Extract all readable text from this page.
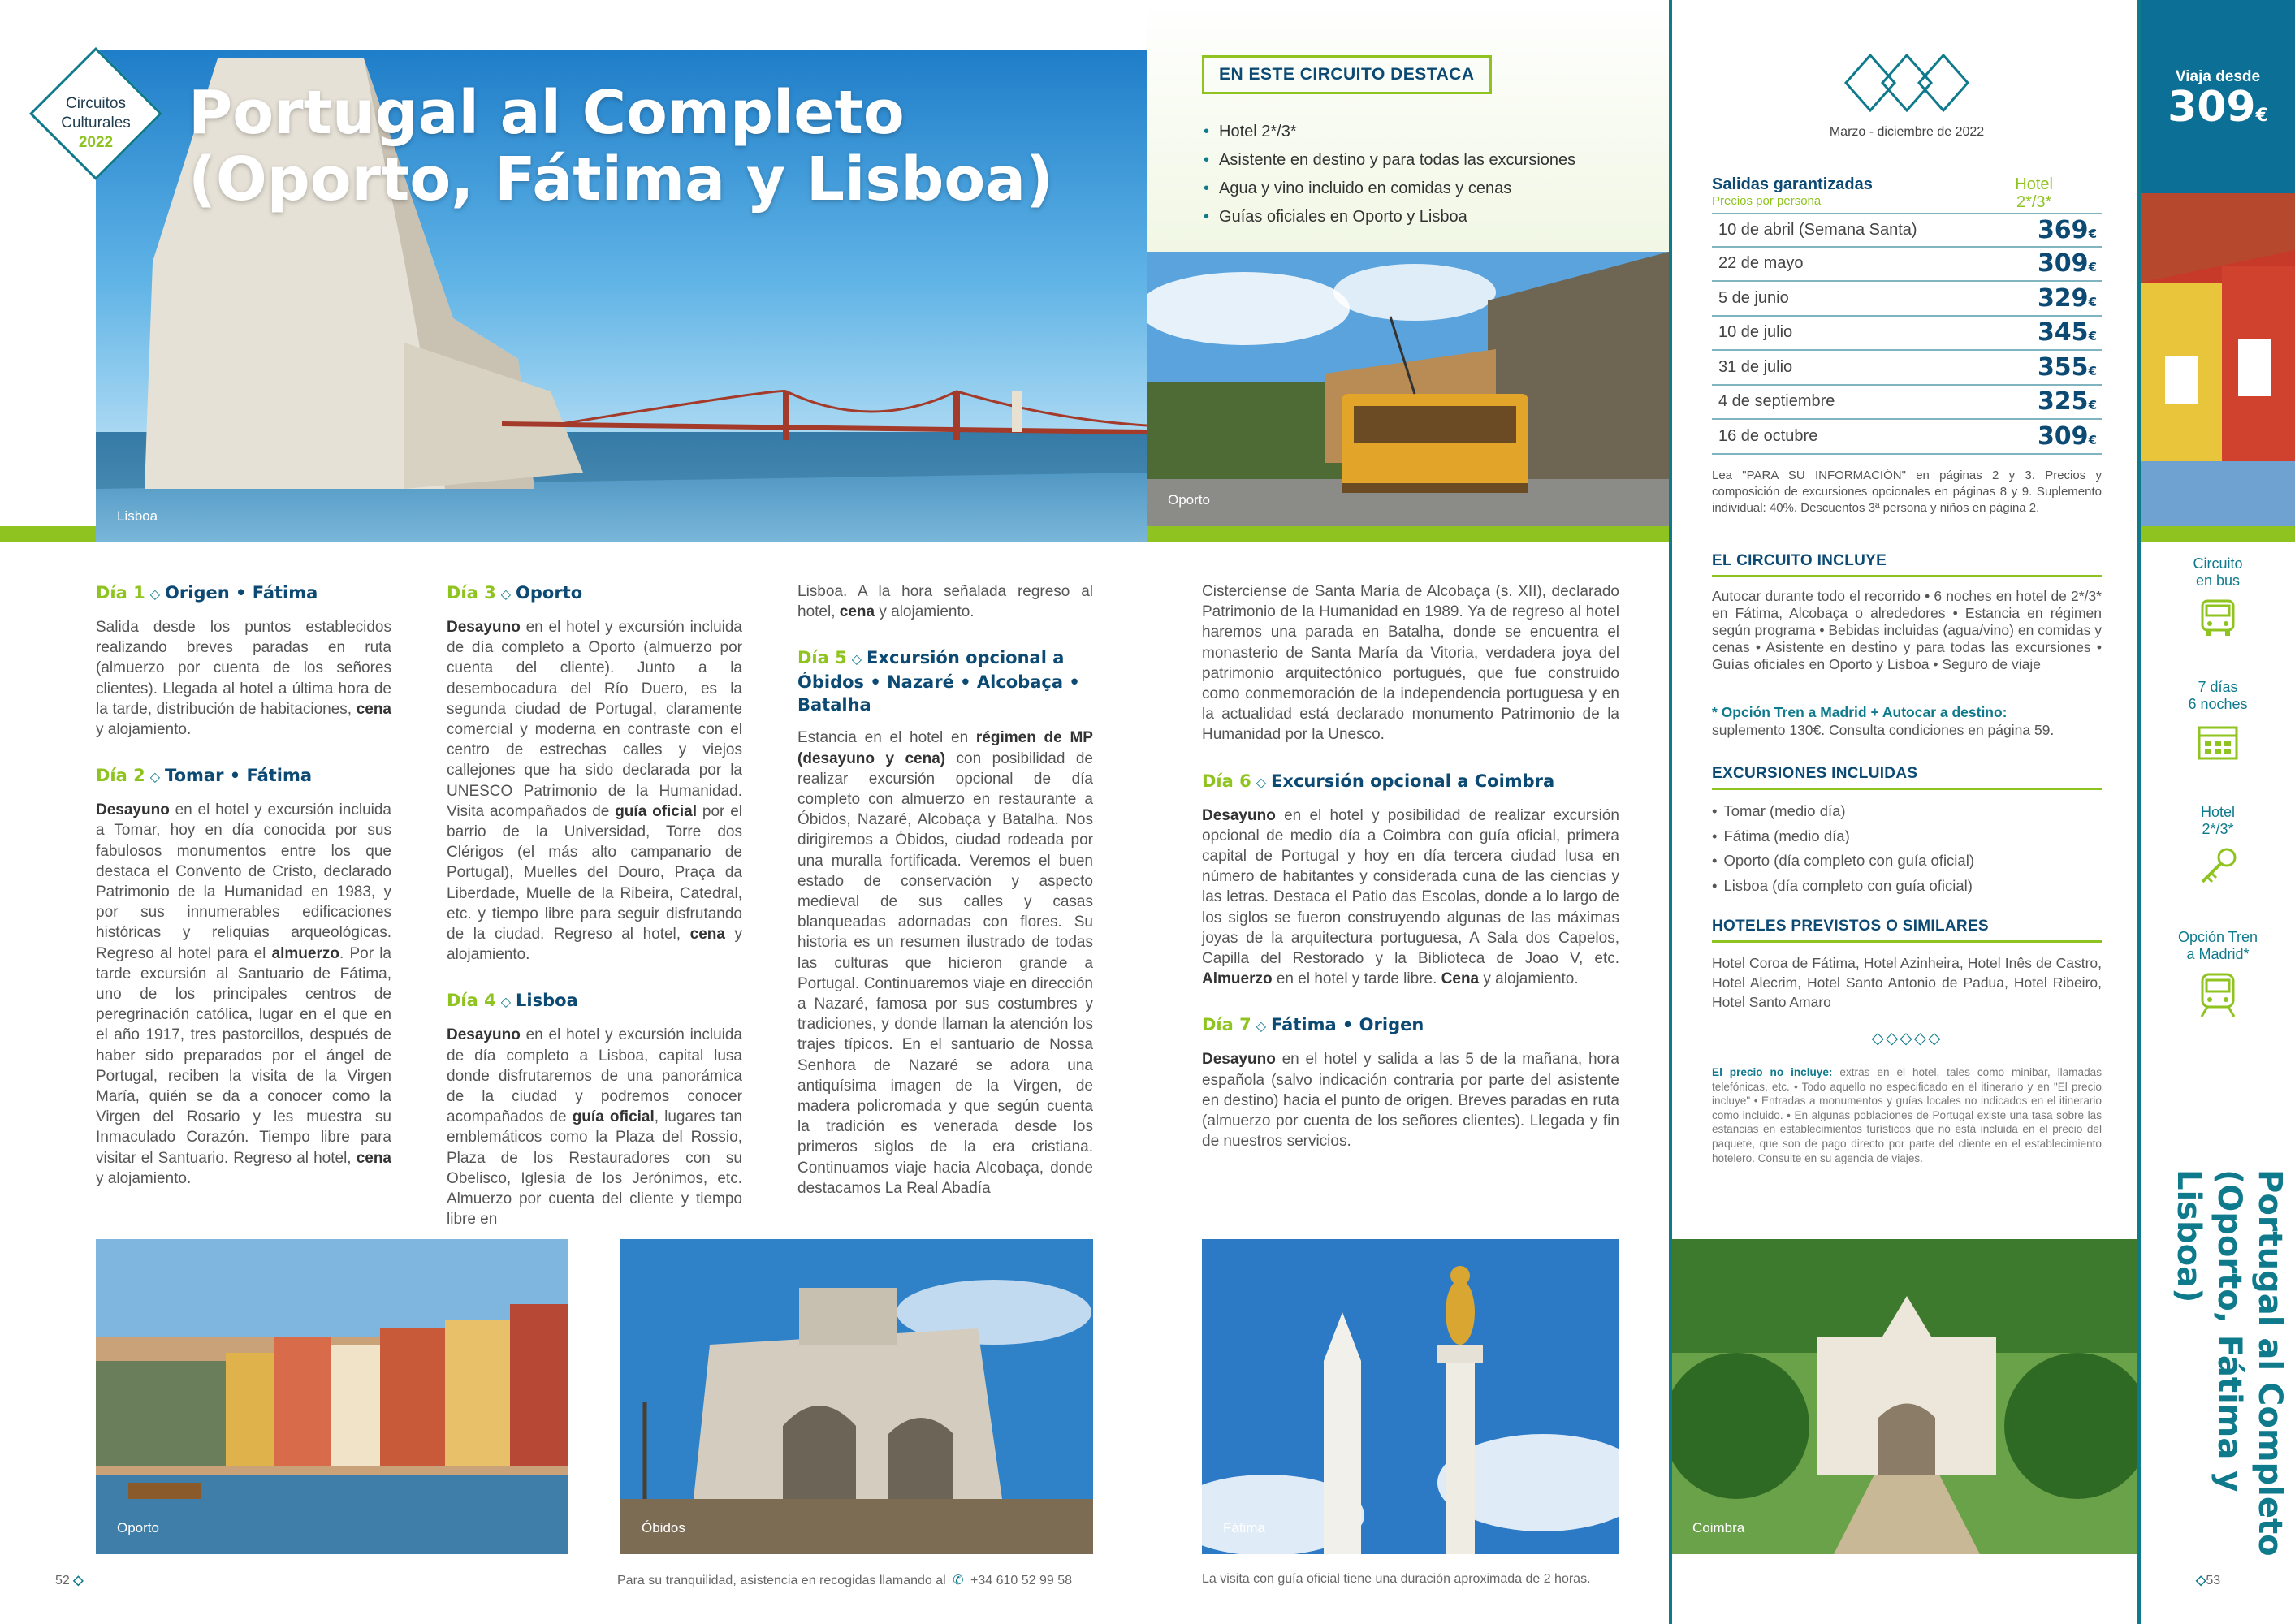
Lisboa
Circuitos
Culturales
2022	Portugal al Completo
(Oporto, Fátima y Lisboa)
EN ESTE CIRCUITO DESTACA
• Hotel 2*/3*
• Asistente en destino y para todas las excursiones
• Agua y vino incluido en comidas y cenas
• Guías oficiales en Oporto y Lisboa
Oporto
Día 1 ◇ Origen • Fátima

Salida desde los puntos establecidos realizando breves paradas en ruta (almuerzo por cuenta de los señores clientes). Llegada al hotel a última hora de la tarde, distribución de habitaciones, cena y alojamiento.

Día 2 ◇ Tomar • Fátima

Desayuno en el hotel y excursión incluida a Tomar, hoy en día conocida por sus fabulosos monumentos entre los que destaca el Convento de Cristo, declarado Patrimonio de la Humanidad en 1983, y por sus innumerables edificaciones históricas y reliquias arqueológicas. Regreso al hotel para el almuerzo. Por la tarde excursión al Santuario de Fátima, uno de los principales centros de peregrinación católica, lugar en el que en el año 1917, tres pastorcillos, después de haber sido preparados por el ángel de Portugal, reciben la visita de la Virgen María, quién se da a conocer como la Virgen del Rosario y les muestra su Inmaculado Corazón. Tiempo libre para visitar el Santuario. Regreso al hotel, cena y alojamiento.

Día 3 ◇ Oporto

Desayuno en el hotel y excursión incluida de día completo a Oporto (almuerzo por cuenta del cliente). Junto a la desembocadura del Río Duero, es la segunda ciudad de Portugal, claramente comercial y moderna en contraste con el centro de estrechas calles y viejos callejones que ha sido declarada por la UNESCO Patrimonio de la Humanidad. Visita acompañados de guía oficial por el barrio de la Universidad, Torre dos Clérigos (el más alto campanario de Portugal), Muelles del Douro, Praça da Liberdade, Muelle de la Ribeira, Catedral, etc. y tiempo libre para seguir disfrutando de la ciudad. Regreso al hotel, cena y alojamiento.

Día 4 ◇ Lisboa

Desayuno en el hotel y excursión incluida de día completo a Lisboa, capital lusa donde disfrutaremos de una panorámica de la ciudad y podremos conocer acompañados de guía oficial, lugares tan emblemáticos como la Plaza del Rossio, Plaza de los Restauradores con su Obelisco, Iglesia de los Jerónimos, etc. Almuerzo por cuenta del cliente y tiempo libre en

Lisboa. A la hora señalada regreso al hotel, cena y alojamiento.

Día 5 ◇ Excursión opcional a Óbidos • Nazaré • Alcobaça • Batalha

Estancia en el hotel en régimen de MP (desayuno y cena) con posibilidad de realizar excursión opcional de día completo con almuerzo en restaurante a Óbidos, Nazaré, Alcobaça y Batalha. Nos dirigiremos a Óbidos, ciudad rodeada por una muralla fortificada. Veremos el buen estado de conservación y aspecto medieval de sus calles y casas blanqueadas adornadas con flores. Su historia es un resumen ilustrado de todas las culturas que hicieron grande a Portugal. Continuaremos viaje en dirección a Nazaré, famosa por sus costumbres y tradiciones, y donde llaman la atención los trajes típicos. En el santuario de Nossa Senhora de Nazaré se adora una antiquísima imagen de la Virgen, de madera policromada y que según cuenta la tradición es venerada desde los primeros siglos de la era cristiana. Continuamos viaje hacia Alcobaça, donde destacamos La Real Abadía

Cisterciense de Santa María de Alcobaça (s. XII), declarado Patrimonio de la Humanidad en 1989. Ya de regreso al hotel haremos una parada en Batalha, donde se encuentra el monasterio de Santa María da Vitoria, verdadera joya del patrimonio arquitectónico portugués, que fue construido como conmemoración de la independencia portuguesa y en la actualidad está declarado monumento Patrimonio de la Humanidad por la Unesco.

Día 6 ◇ Excursión opcional a Coimbra

Desayuno en el hotel y posibilidad de realizar excursión opcional de medio día a Coimbra con guía oficial, primera capital de Portugal y hoy en día tercera ciudad lusa en número de habitantes y considerada cuna de las ciencias y las letras. Destaca el Patio das Escolas, donde a lo largo de los siglos se fueron construyendo algunas de las máximas joyas de la arquitectura portuguesa, A Sala dos Capelos, Capilla del Restorado y la Biblioteca de Joao V, etc. Almuerzo en el hotel y tarde libre. Cena y alojamiento.

Día 7 ◇ Fátima • Origen

Desayuno en el hotel y salida a las 5 de la mañana, hora española (salvo indicación contraria por parte del asistente en destino) hacia el punto de origen. Breves paradas en ruta (almuerzo por cuenta de los señores clientes). Llegada y fin de nuestros servicios.

Oporto	Óbidos	Fátima	Coimbra
Marzo - diciembre de 2022
Salidas garantizadas
Precios por persona
Hotel
2*/3*
10 de abril (Semana Santa)	369€
22 de mayo	309€
5 de junio	329€
10 de julio	345€
31 de julio	355€
4 de septiembre	325€
16 de octubre	309€
Lea "PARA SU INFORMACIÓN" en páginas 2 y 3. Precios y composición de excursiones opcionales en páginas 8 y 9. Suplemento individual: 40%. Descuentos 3ª persona y niños en página 2.
EL CIRCUITO INCLUYE
Autocar durante todo el recorrido • 6 noches en hotel de 2*/3* en Fátima, Alcobaça o alrededores • Estancia en régimen según programa • Bebidas incluidas (agua/vino) en comidas y cenas • Asistente en destino y para todas las excursiones • Guías oficiales en Oporto y Lisboa • Seguro de viaje
* Opción Tren a Madrid + Autocar a destino:
suplemento 130€. Consulta condiciones en página 59.
EXCURSIONES INCLUIDAS
• Tomar (medio día)
• Fátima (medio día)
• Oporto (día completo con guía oficial)
• Lisboa (día completo con guía oficial)
HOTELES PREVISTOS O SIMILARES
Hotel Coroa de Fátima, Hotel Azinheira, Hotel Inês de Castro, Hotel Alecrim, Hotel Santo Antonio de Padua, Hotel Ribeiro, Hotel Santo Amaro
◇◇◇◇◇
El precio no incluye: extras en el hotel, tales como minibar, llamadas telefónicas, etc. • Todo aquello no especificado en el itinerario y en "El precio incluye" • Entradas a monumentos y guías locales no indicados en el itinerario como incluido. • En algunas poblaciones de Portugal existe una tasa sobre las estancias en establecimientos turísticos que no está incluida en el precio del paquete, que son de pago directo por parte del cliente en el establecimiento hotelero. Consulte en su agencia de viajes.
Viaja desde
309€
Circuito
en bus
7 días
6 noches
Hotel
2*/3*
Opción Tren
a Madrid*
Portugal al Completo
(Oporto, Fátima y Lisboa)
52 ◇	Para su tranquilidad, asistencia en recogidas llamando al ✆ +34 610 52 99 58	La visita con guía oficial tiene una duración aproximada de 2 horas.	◇53
